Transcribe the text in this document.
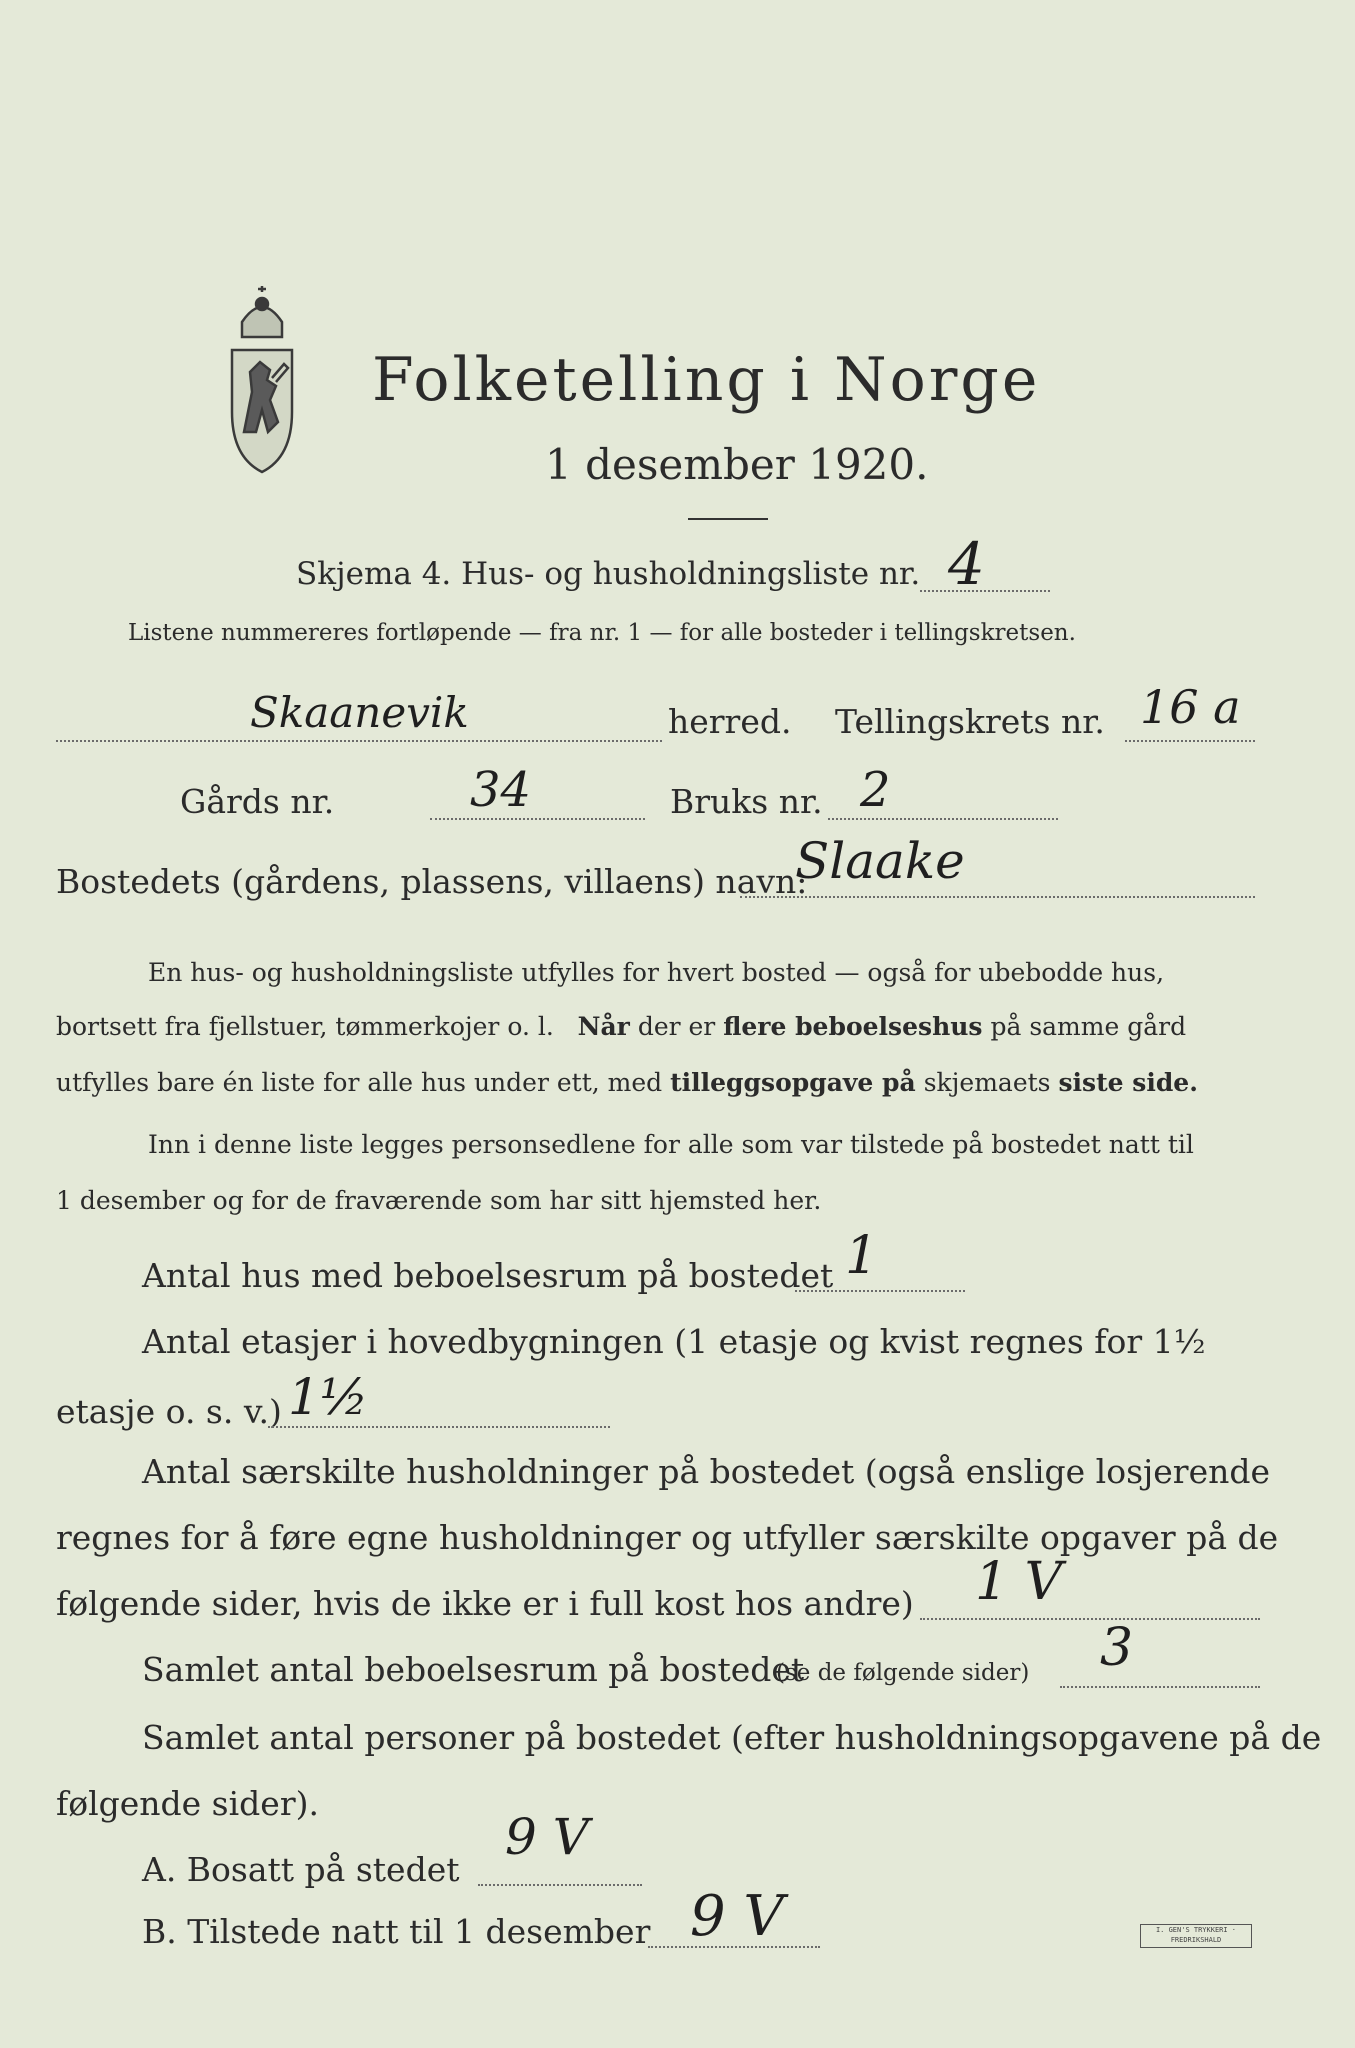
Folketelling i Norge
1 desember 1920.
Skjema 4. Hus- og husholdningsliste nr. 4
Listene nummereres fortløpende — fra nr. 1 — for alle bosteder i tellingskretsen.
Skaanevik	herred. Tellingskrets nr. 16 a
Gårds nr.	34	Bruks nr. 2
Bostedets (gårdens, plassens, villaens) navn:
Slaake
En hus- og husholdningsliste utfylles for hvert bosted — også for ubebodde hus,
bortsett fra fjellstuer, tømmerkojer o. l. Når der er flere beboelseshus på samme gård
utfylles bare én liste for alle hus under ett, med tilleggsopgave på skjemaets siste side.
Inn i denne liste legges personsedlene for alle som var tilstede på bostedet natt til
1 desember og for de fraværende som har sitt hjemsted her.
Antal hus med beboelsesrum på bostedet 1
Antal etasjer i hovedbygningen (1 etasje og kvist regnes for 1½
etasje o. s. v.) 1½
Antal særskilte husholdninger på bostedet (også enslige losjerende
regnes for å føre egne husholdninger og utfyller særskilte opgaver på de
følgende sider, hvis de ikke er i full kost hos andre) 1 V
Samlet antal beboelsesrum på bostedet
(se de følgende sider) 3
Samlet antal personer på bostedet (efter husholdningsopgavene på de
følgende sider).
A. Bosatt på stedet
9 V
B. Tilstede natt til 1 desember 9 V	I. GEN'S TRYKKERI · FREDRIKSHALD
